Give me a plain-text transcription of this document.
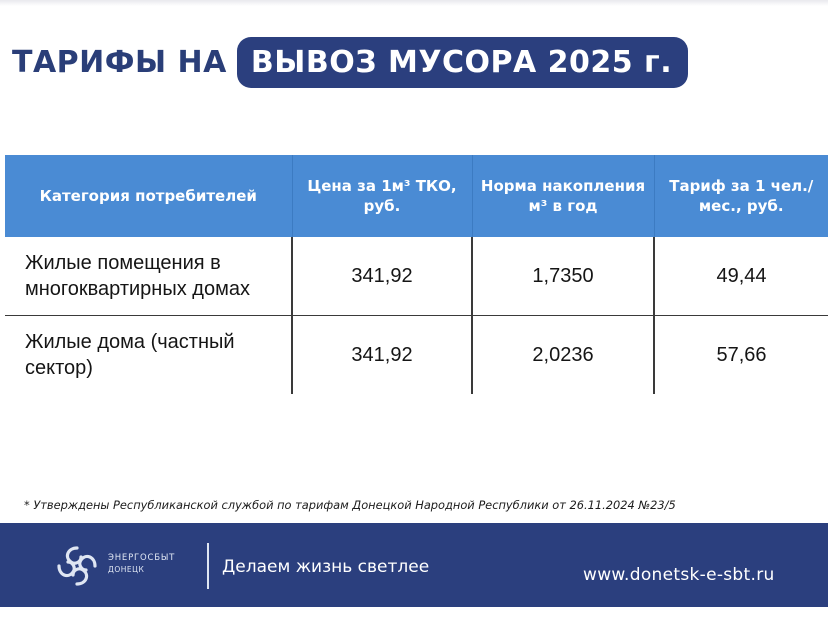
ТАРИФЫ НА ВЫВОЗ МУСОРА 2025 г.
Категория потребителей	Цена за 1м³ ТКО, руб.	Норма накопления м³ в год	Тариф за 1 чел./мес., руб.
Жилые помещения в многоквартирных домах	341,92	1,7350	49,44
Жилые дома (частный сектор)	341,92	2,0236	57,66
* Утверждены Республиканской службой по тарифам Донецкой Народной Республики от 26.11.2024 №23/5
ЭНЕРГОСБЫТ
ДОНЕЦК	Делаем жизнь светлее	www.donetsk-e-sbt.ru
